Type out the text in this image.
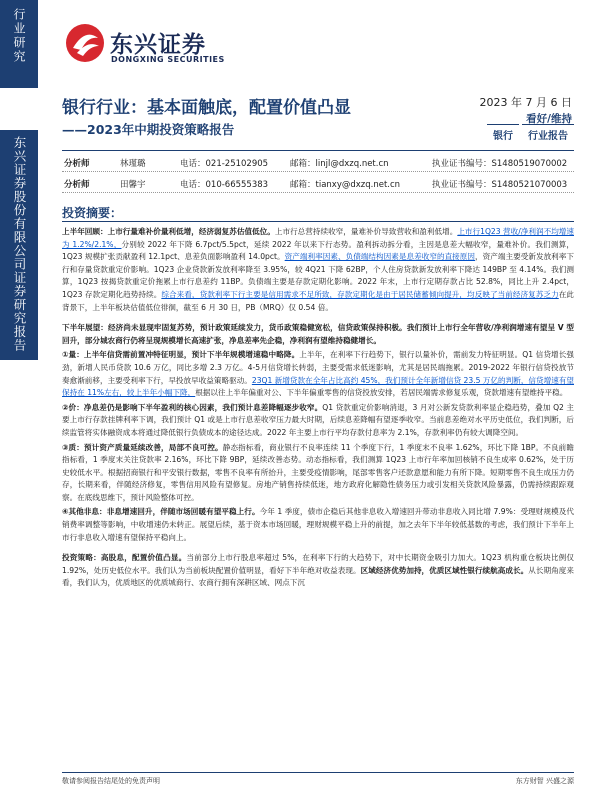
行业研究
东兴证券股份有限公司证券研究报告
东兴证券
DONGXING SECURITIES
银行行业：基本面触底，配置价值凸显
——2023年中期投资策略报告
2023 年 7 月 6 日
看好/维持
银行	行业报告
分析师	林瑾璐	电话：021-25102905	邮箱：linjl@dxzq.net.cn	执业证书编号：S1480519070002
分析师	田馨宇	电话：010-66555383	邮箱：tianxy@dxzq.net.cn	执业证书编号：S1480521070003
投资摘要：

上半年回顾：上市行量难补价量利低增，经济弱复苏估值低位。上市行总营持续收窄，量难补价导致营收和盈利低增。上市行1Q23 营收/净利润不均增速为 1.2%/2.1%，分别较 2022 年下降 6.7pct/5.5pct，延续 2022 年以来下行态势。盈利拆动拆分看，主因是息差大幅收窄，量难补价。我们测算，1Q23 规模扩张贡献盈利 12.1pct、息差负面影响盈利 14.0pct。资产端利率因素、负债端结构因素是息差收窄的直接原因，资产端主要受新发放利率下行和存量贷款重定价影响。1Q23 企业贷款新发放利率降至 3.95%，较 4Q21 下降 62BP，个人住房贷款新发放利率下降达 149BP 至 4.14%。我们测算，1Q23 按揭贷款重定价拖累上市行息差约 11BP。负债端主要是存款定期化影响。2022 年末，上市行定期存款占比 52.8%，同比上升 2.4pct，1Q23 存款定期化趋势持续。综合来看，贷款利率下行主要是信用需求不足所致，存款定期化是由于居民储蓄倾向提升，均反映了当前经济复苏乏力在此背景下，上半年板块估值低位徘徊，截至 6 月 30 日，PB（MRQ）仅 0.54 倍。

下半年展望：经济尚未显现牢固复苏势，预计政策延续发力，货币政策稳健宽松，信贷政策保持积极。我们预计上市行全年营收/净利润增速有望呈 V 型回升，部分城农商行仍将呈现规模增长高速扩张，净息差率先企稳，净利润有望维持稳健增长。

①量：上半年信贷需前置冲特征明显，预计下半年规模增速稳中略降。上半年，在利率下行趋势下，银行以量补价，需前发力特征明显。Q1 信贷增长强劲，新增人民币贷款 10.6 万亿，同比多增 2.3 万亿。4-5月信贷增长转弱，主要受需求低迷影响，尤其是居民端拖累。2019-2022 年银行信贷投放节奏愈渐前移，主要受利率下行，早投放早收益策略驱动。23Q1 新增贷款在全年占比高约 45%，我们预计全年新增信贷 23.5 万亿的判断，信贷增速有望保持在 11%左右，较上半年小幅下降，根据以往上半年偏重对公、下半年偏重零售的信贷投放安排，若居民端需求修复乐观，贷款增速有望维持平稳。

②价：净息差仍是影响下半年盈利的核心因素，我们预计息差降幅逐步收窄。Q1 贷款重定价影响消退，3 月对公新发贷款利率显企稳趋势，叠加 Q2 主要上市行存款挂牌利率下调，我们预计 Q1 或是上市行息差收窄压力最大时期，后续息差降幅有望逐季收窄。当前息差绝对水平历史低位，我们判断，后续监管将实体融资成本将通过降低银行负债成本的途径达成。2022 年主要上市行平均存款付息率为 2.1%，存款利率仍有较大调降空间。

③质：预计资产质量延续改善，局部不良可控。静态指标看，商业银行不良率连续 11 个季度下行，1 季度末不良率 1.62%，环比下降 1BP。不良前瞻指标看，1 季度末关注贷款率 2.16%，环比下降 9BP，延续改善态势。动态指标看，我们测算 1Q23 上市行年率加回核销不良生成率 0.62%，处于历史较低水平。根据招商银行和平安银行数据，零售不良率有所抬升，主要受疫情影响，尾部零售客户还款意愿和能力有所下降。短期零售不良生成压力仍存，长期来看，伴随经济修复，零售信用风险有望修复。房地产销售持续低迷，地方政府化解隐性债务压力或引发相关贷款风险暴露，仍需持续跟踪观察。在底线思维下，预计风险整体可控。

④其他非息：非息增速回升，伴随市场回暖有望平稳上行。今年 1 季度，债市企稳后其他非息收入增速回升带动非息收入同比增 7.9%：受理财规模及代销费率调整等影响，中收增速仍未转正。展望后续，基于资本市场回暖，理财规模平稳上升的前提，加之去年下半年较低基数的考虑，我们预计下半年上市行非息收入增速有望保持平稳向上。

投资策略：高股息，配置价值凸显。当前部分上市行股息率超过 5%，在利率下行的大趋势下，对中长期资金吸引力加大。1Q23 机构重仓板块比例仅 1.92%，处历史低位水平。我们认为当前板块配置价值明显，看好下半年绝对收益表现。区域经济优势加持，优质区域性银行续航高成长。从长期角度来看，我们认为，优质地区的优质城商行、农商行拥有深耕区域、网点下沉

敬请参阅报告结尾处的免责声明	东方财智 兴盛之源
